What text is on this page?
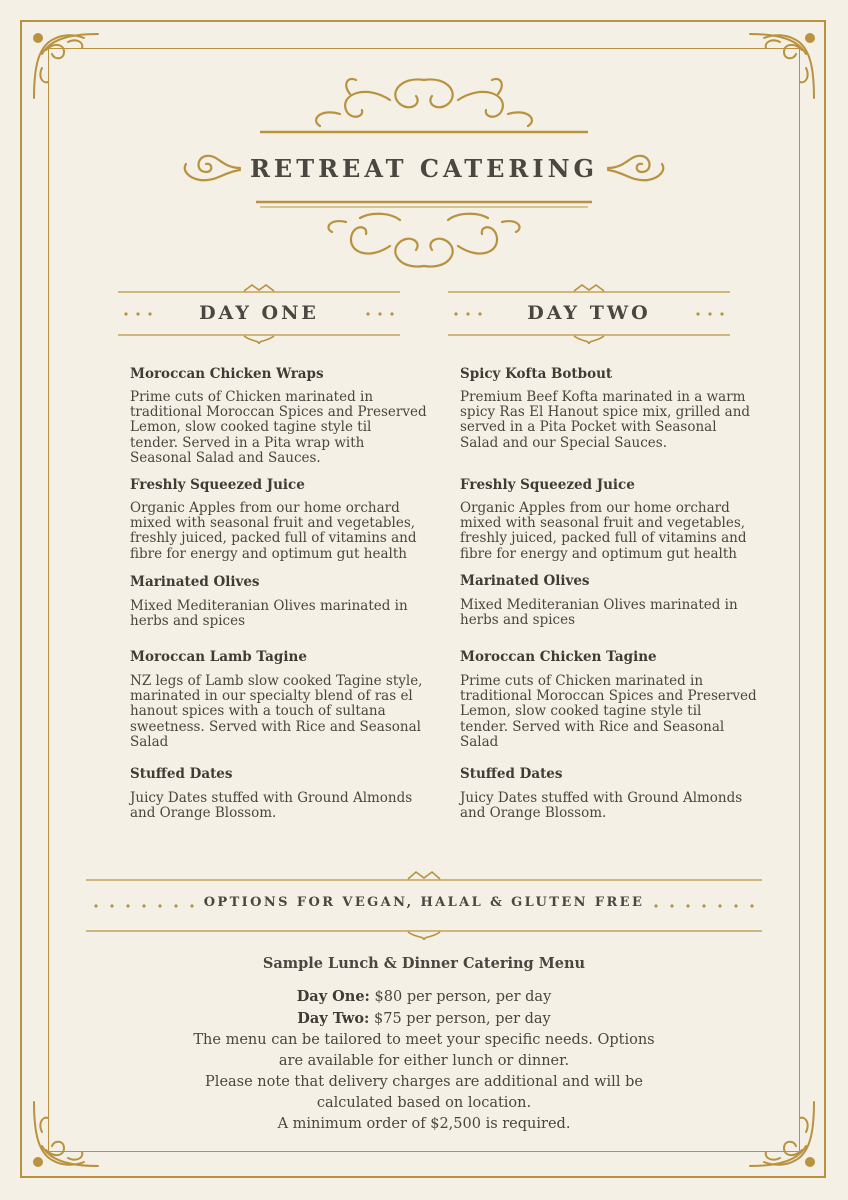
RETREAT CATERING
DAY ONE	DAY TWO

Moroccan Chicken Wraps

Prime cuts of Chicken marinated in
traditional Moroccan Spices and Preserved
Lemon, slow cooked tagine style til
tender. Served in a Pita wrap with
Seasonal Salad and Sauces.

Freshly Squeezed Juice

Organic Apples from our home orchard
mixed with seasonal fruit and vegetables,
freshly juiced, packed full of vitamins and
fibre for energy and optimum gut health

Marinated Olives

Mixed Mediteranian Olives marinated in
herbs and spices

Moroccan Lamb Tagine

NZ legs of Lamb slow cooked Tagine style,
marinated in our specialty blend of ras el
hanout spices with a touch of sultana
sweetness. Served with Rice and Seasonal
Salad

Stuffed Dates

Juicy Dates stuffed with Ground Almonds
and Orange Blossom.

Spicy Kofta Botbout

Premium Beef Kofta marinated in a warm
spicy Ras El Hanout spice mix, grilled and
served in a Pita Pocket with Seasonal
Salad and our Special Sauces.

Freshly Squeezed Juice

Organic Apples from our home orchard
mixed with seasonal fruit and vegetables,
freshly juiced, packed full of vitamins and
fibre for energy and optimum gut health

Marinated Olives

Mixed Mediteranian Olives marinated in
herbs and spices

Moroccan Chicken Tagine

Prime cuts of Chicken marinated in
traditional Moroccan Spices and Preserved
Lemon, slow cooked tagine style til
tender. Served with Rice and Seasonal
Salad

Stuffed Dates

Juicy Dates stuffed with Ground Almonds
and Orange Blossom.

OPTIONS FOR VEGAN, HALAL & GLUTEN FREE

Sample Lunch & Dinner Catering Menu

Day One: $80 per person, per day

Day Two: $75 per person, per day

The menu can be tailored to meet your specific needs. Options

are available for either lunch or dinner.

Please note that delivery charges are additional and will be

calculated based on location.

A minimum order of $2,500 is required.
